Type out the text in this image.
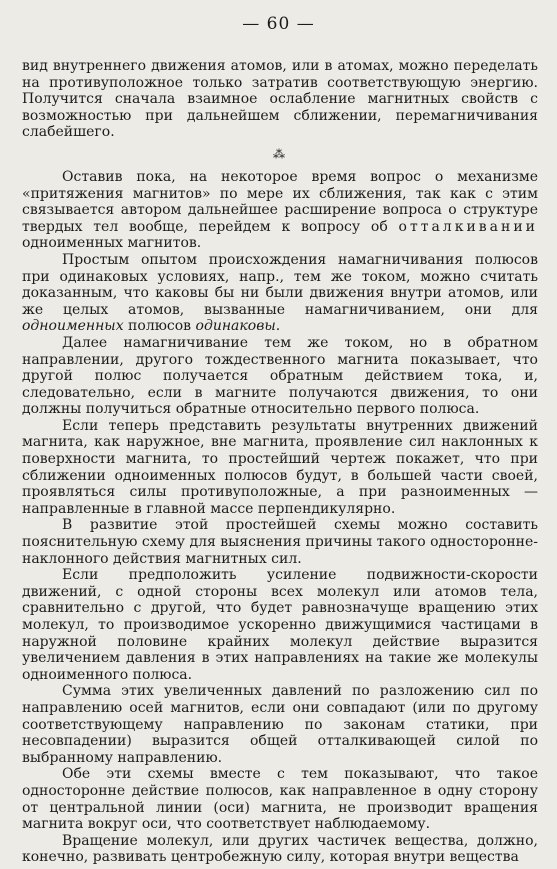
— 60 —

вид внутреннего движения атомов, или в атомах, можно переделать на противуположное только затратив соответствующую энергию. Получится сначала взаимное ослабление магнитных свойств с возможностью при дальнейшем сближении, перемагничивания слабейшего.

⁂

Оставив пока, на некоторое время вопрос о механизме «притяжения магнитов» по мере их сближения, так как с этим связывается автором дальнейшее расширение вопроса о структуре твердых тел вообще, перейдем к вопросу об отталкивании одноименных магнитов.

Простым опытом происхождения намагничивания полюсов при одинаковых условиях, напр., тем же током, можно считать доказанным, что каковы бы ни были движения внутри атомов, или же целых атомов, вызванные намагничиванием, они для одноименных полюсов одинаковы.

Далее намагничивание тем же током, но в обратном направлении, другого тождественного магнита показывает, что другой полюс получается обратным действием тока, и, следовательно, если в магните получаются движения, то они должны получиться обратные относительно первого полюса.

Если теперь представить результаты внутренних движений магнита, как наружное, вне магнита, проявление сил наклонных к поверхности магнита, то простейший чертеж покажет, что при сближении одноименных полюсов будут, в большей части своей, проявляться силы противуположные, а при разноименных — направленные в главной массе перпендикулярно.

В развитие этой простейшей схемы можно составить пояснительную схему для выяснения причины такого одностороннe-наклонного действия магнитных сил.

Если предположить усиление подвижности-скорости движений, с одной стороны всех молекул или атомов тела, сравнительно с другой, что будет равнозначуще вращению этих молекул, то производимое ускоренно движущимися частицами в наружной половине крайних молекул действие выразится увеличением давления в этих направлениях на такие же молекулы одноименного полюса.

Сумма этих увеличенных давлений по разложению сил по направлению осей магнитов, если они совпадают (или по другому соответствующему направлению по законам статики, при несовпадении) выразится общей отталкивающей силой по выбранному направлению.

Обе эти схемы вместе с тем показывают, что такое односторонне действие полюсов, как направленное в одну сторону от центральной линии (оси) магнита, не производит вращения магнита вокруг оси, что соответствует наблюдаемому.

Вращение молекул, или других частичек вещества, должно, конечно, развивать центробежную силу, которая внутри вещества
